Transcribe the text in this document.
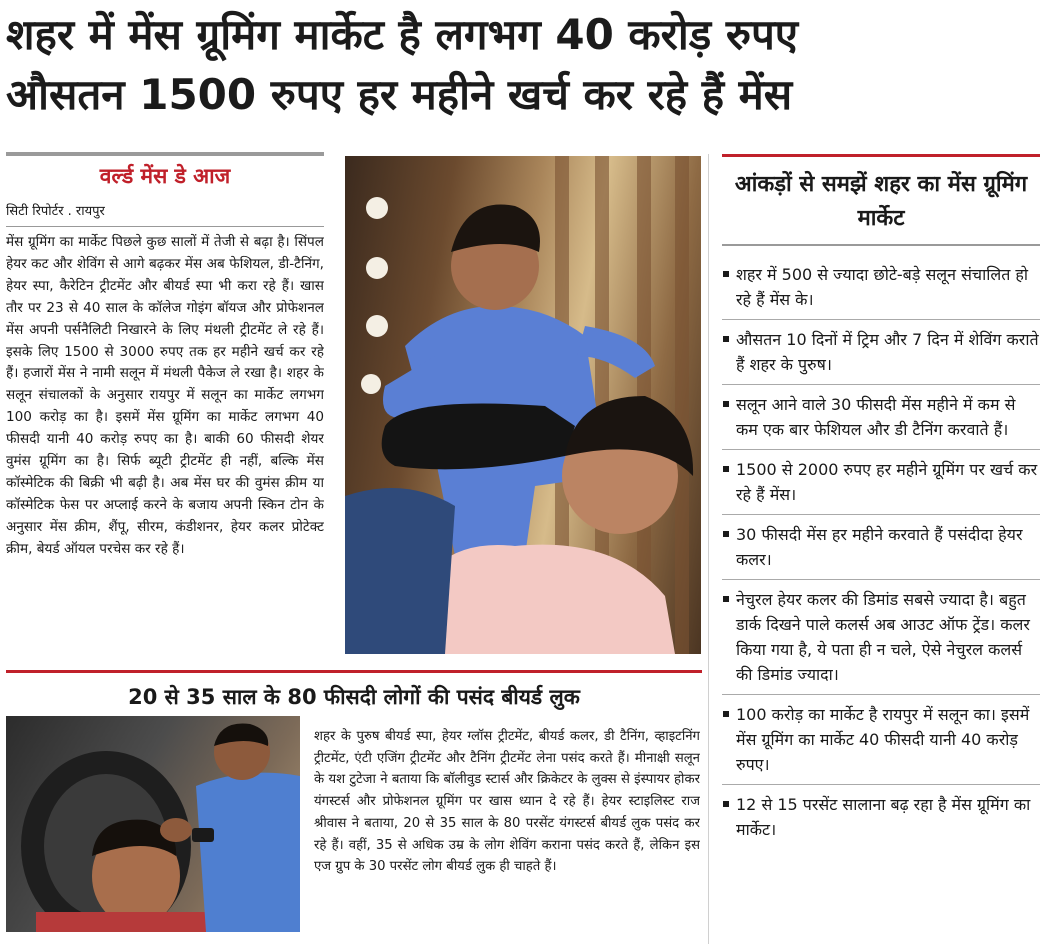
शहर में मेंस ग्रूमिंग मार्केट है लगभग 40 करोड़ रुपए
औसतन 1500 रुपए हर महीने खर्च कर रहे हैं मेंस
वर्ल्ड मेंस डे आज
सिटी रिपोर्टर . रायपुर
मेंस ग्रूमिंग का मार्केट पिछले कुछ सालों में तेजी से बढ़ा है। सिंपल हेयर कट और शेविंग से आगे बढ़कर मेंस अब फेशियल, डी-टैनिंग, हेयर स्पा, कैरेटिन ट्रीटमेंट और बीयर्ड स्पा भी करा रहे हैं। खास तौर पर 23 से 40 साल के कॉलेज गोइंग बॉयज और प्रोफेशनल मेंस अपनी पर्सनैलिटी निखारने के लिए मंथली ट्रीटमेंट ले रहे हैं। इसके लिए 1500 से 3000 रुपए तक हर महीने खर्च कर रहे हैं। हजारों मेंस ने नामी सलून में मंथली पैकेज ले रखा है। शहर के सलून संचालकों के अनुसार रायपुर में सलून का मार्केट लगभग 100 करोड़ का है। इसमें मेंस ग्रूमिंग का मार्केट लगभग 40 फीसदी यानी 40 करोड़ रुपए का है। बाकी 60 फीसदी शेयर वुमंस ग्रूमिंग का है। सिर्फ ब्यूटी ट्रीटमेंट ही नहीं, बल्कि मेंस कॉस्मेटिक की बिक्री भी बढ़ी है। अब मेंस घर की वुमंस क्रीम या कॉस्मेटिक फेस पर अप्लाई करने के बजाय अपनी स्किन टोन के अनुसार मेंस क्रीम, शैंपू, सीरम, कंडीशनर, हेयर कलर प्रोटेक्ट क्रीम, बेयर्ड ऑयल परचेस कर रहे हैं।
20 से 35 साल के 80 फीसदी लोगों की पसंद बीयर्ड लुक
शहर के पुरुष बीयर्ड स्पा, हेयर ग्लॉस ट्रीटमेंट, बीयर्ड कलर, डी टैनिंग, व्हाइटनिंग ट्रीटमेंट, एंटी एजिंग ट्रीटमेंट और टैनिंग ट्रीटमेंट लेना पसंद करते हैं। मीनाक्षी सलून के यश टुटेजा ने बताया कि बॉलीवुड स्टार्स और क्रिकेटर के लुक्स से इंस्पायर होकर यंगस्टर्स और प्रोफेशनल ग्रूमिंग पर खास ध्यान दे रहे हैं। हेयर स्टाइलिस्ट राज श्रीवास ने बताया, 20 से 35 साल के 80 परसेंट यंगस्टर्स बीयर्ड लुक पसंद कर रहे हैं। वहीं, 35 से अधिक उम्र के लोग शेविंग कराना पसंद करते हैं, लेकिन इस एज ग्रुप के 30 परसेंट लोग बीयर्ड लुक ही चाहते हैं।
आंकड़ों से समझें शहर का मेंस ग्रूमिंग मार्केट
शहर में 500 से ज्यादा छोटे-बड़े सलून संचालित हो रहे हैं मेंस के।
औसतन 10 दिनों में ट्रिम और 7 दिन में शेविंग कराते हैं शहर के पुरुष।
सलून आने वाले 30 फीसदी मेंस महीने में कम से कम एक बार फेशियल और डी टैनिंग करवाते हैं।
1500 से 2000 रुपए हर महीने ग्रूमिंग पर खर्च कर रहे हैं मेंस।
30 फीसदी मेंस हर महीने करवाते हैं पसंदीदा हेयर कलर।
नेचुरल हेयर कलर की डिमांड सबसे ज्यादा है। बहुत डार्क दिखने पाले कलर्स अब आउट ऑफ ट्रेंड। कलर किया गया है, ये पता ही न चले, ऐसे नेचुरल कलर्स की डिमांड ज्यादा।
100 करोड़ का मार्केट है रायपुर में सलून का। इसमें मेंस ग्रूमिंग का मार्केट 40 फीसदी यानी 40 करोड़ रुपए।
12 से 15 परसेंट सालाना बढ़ रहा है मेंस ग्रूमिंग का मार्केट।
